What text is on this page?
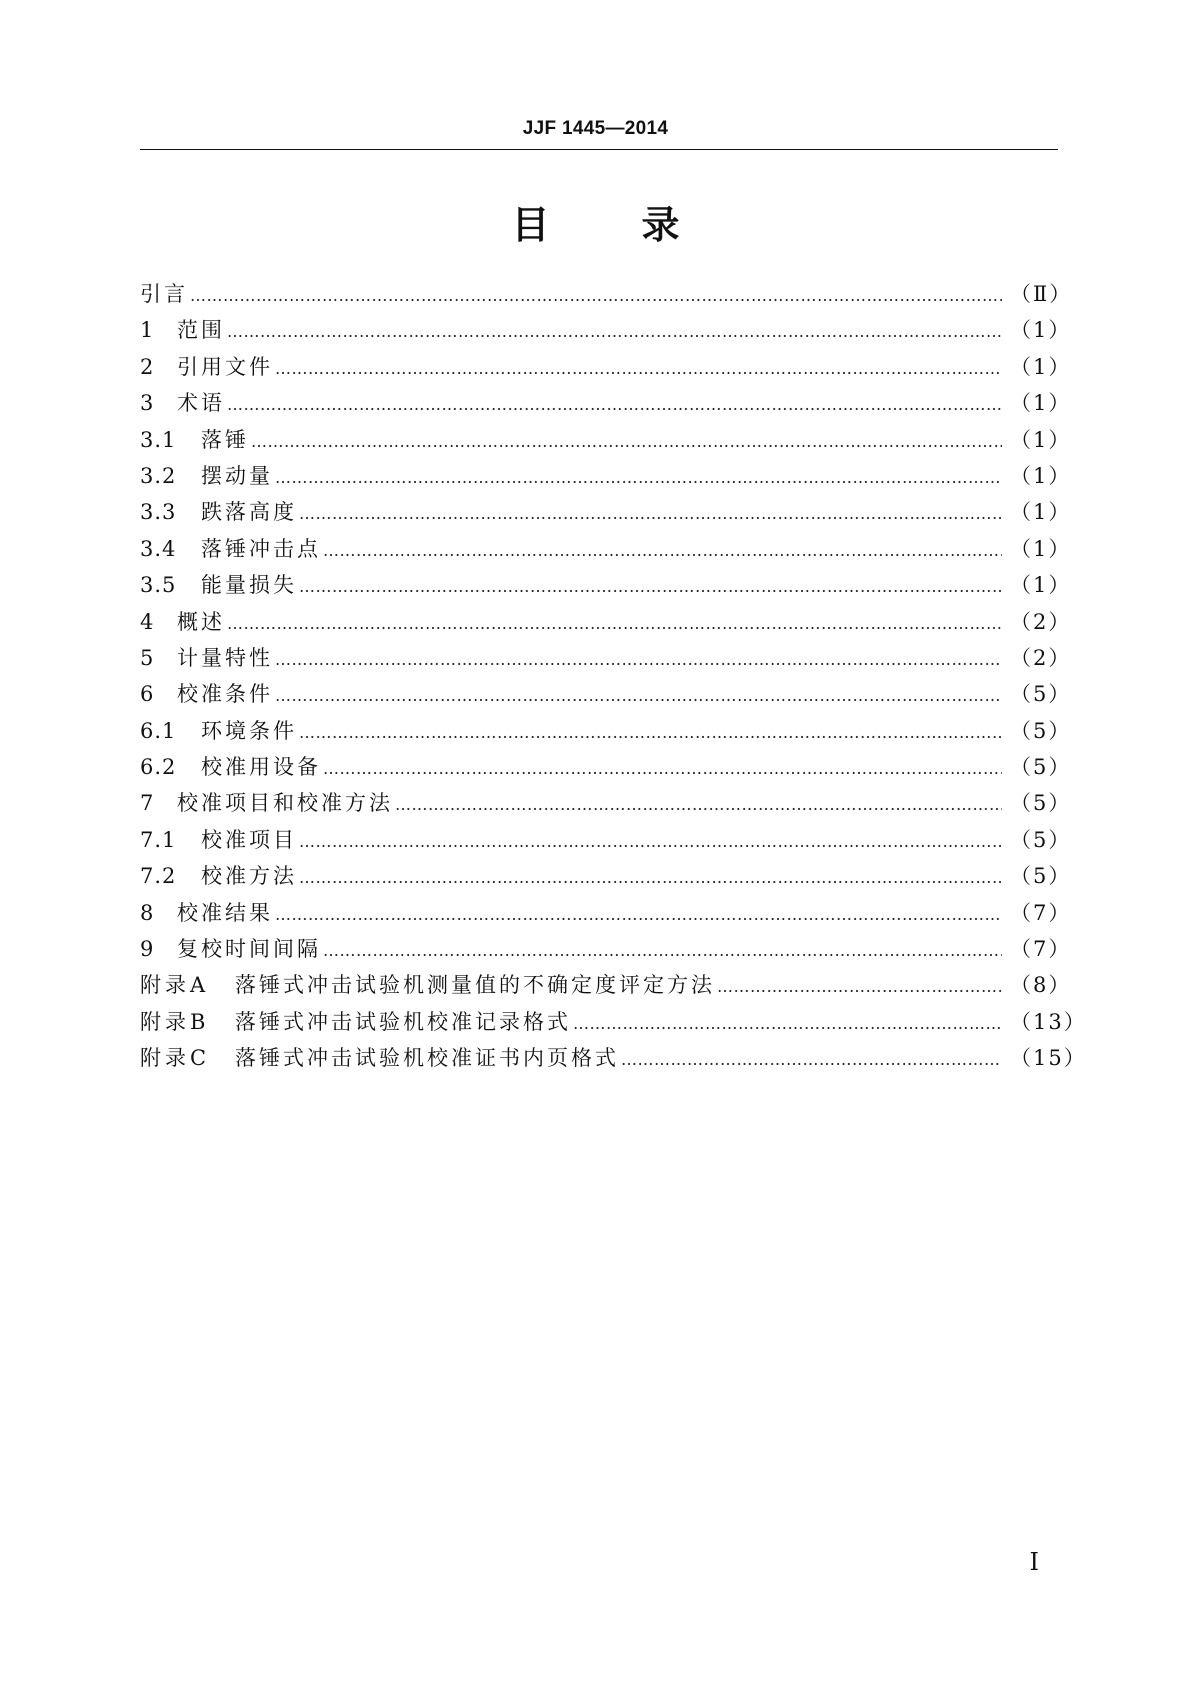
JJF 1445—2014
目 录
引言 ………………………………………………………………………………………………………………………………………………………………………………………………………………………………………………………………	（Ⅱ）
1	范围 ………………………………………………………………………………………………………………………………………………………………………………………………………………………………………………………………	（1）
2	引用文件 ………………………………………………………………………………………………………………………………………………………………………………………………………………………………………………………………	（1）
3	术语 ………………………………………………………………………………………………………………………………………………………………………………………………………………………………………………………………	（1）
3.1	落锤 ………………………………………………………………………………………………………………………………………………………………………………………………………………………………………………………………	（1）
3.2	摆动量 ………………………………………………………………………………………………………………………………………………………………………………………………………………………………………………………………	（1）
3.3	跌落高度 ………………………………………………………………………………………………………………………………………………………………………………………………………………………………………………………………	（1）
3.4	落锤冲击点 ………………………………………………………………………………………………………………………………………………………………………………………………………………………………………………………………	（1）
3.5	能量损失 ………………………………………………………………………………………………………………………………………………………………………………………………………………………………………………………………	（1）
4	概述 ………………………………………………………………………………………………………………………………………………………………………………………………………………………………………………………………	（2）
5	计量特性 ………………………………………………………………………………………………………………………………………………………………………………………………………………………………………………………………	（2）
6	校准条件 ………………………………………………………………………………………………………………………………………………………………………………………………………………………………………………………………	（5）
6.1	环境条件 ………………………………………………………………………………………………………………………………………………………………………………………………………………………………………………………………	（5）
6.2	校准用设备 ………………………………………………………………………………………………………………………………………………………………………………………………………………………………………………………………	（5）
7	校准项目和校准方法 ………………………………………………………………………………………………………………………………………………………………………………………………………………………………………………………………	（5）
7.1	校准项目 ………………………………………………………………………………………………………………………………………………………………………………………………………………………………………………………………	（5）
7.2	校准方法 ………………………………………………………………………………………………………………………………………………………………………………………………………………………………………………………………	（5）
8	校准结果 ………………………………………………………………………………………………………………………………………………………………………………………………………………………………………………………………	（7）
9	复校时间间隔 ………………………………………………………………………………………………………………………………………………………………………………………………………………………………………………………………	（7）
附录A	落锤式冲击试验机测量值的不确定度评定方法 ………………………………………………………………………………………………………………………………………………………………………………………………………………………………………………………………	（8）
附录B	落锤式冲击试验机校准记录格式 ………………………………………………………………………………………………………………………………………………………………………………………………………………………………………………………………	（13）
附录C	落锤式冲击试验机校准证书内页格式 ………………………………………………………………………………………………………………………………………………………………………………………………………………………………………………………………	（15）
Ⅰ
